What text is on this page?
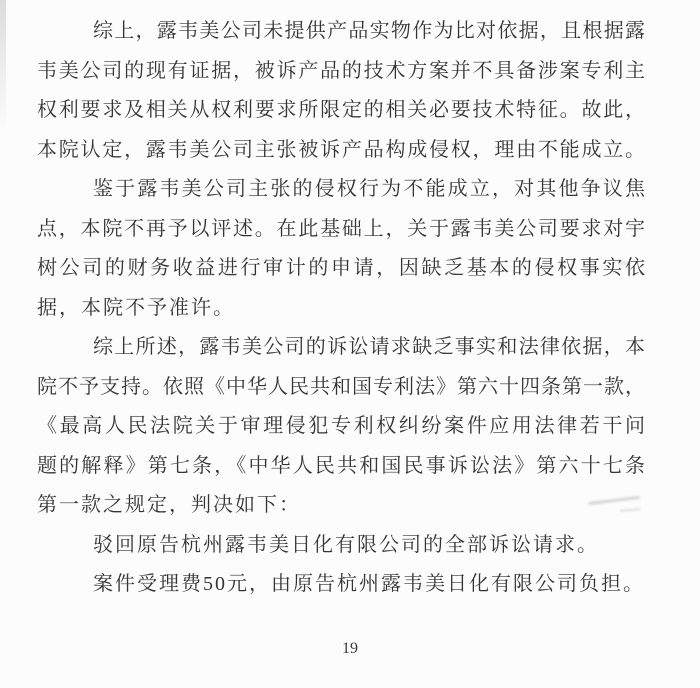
综上，露韦美公司未提供产品实物作为比对依据，且根据露

韦美公司的现有证据，被诉产品的技术方案并不具备涉案专利主

权利要求及相关从权利要求所限定的相关必要技术特征。故此，

本院认定，露韦美公司主张被诉产品构成侵权，理由不能成立。

鉴于露韦美公司主张的侵权行为不能成立，对其他争议焦

点，本院不再予以评述。在此基础上，关于露韦美公司要求对宇

树公司的财务收益进行审计的申请，因缺乏基本的侵权事实依

据，本院不予准许。

综上所述，露韦美公司的诉讼请求缺乏事实和法律依据，本

院不予支持。依照《中华人民共和国专利法》第六十四条第一款，

《最高人民法院关于审理侵犯专利权纠纷案件应用法律若干问

题的解释》第七条，《中华人民共和国民事诉讼法》第六十七条

第一款之规定，判决如下：

驳回原告杭州露韦美日化有限公司的全部诉讼请求。

案件受理费50元，由原告杭州露韦美日化有限公司负担。

19
